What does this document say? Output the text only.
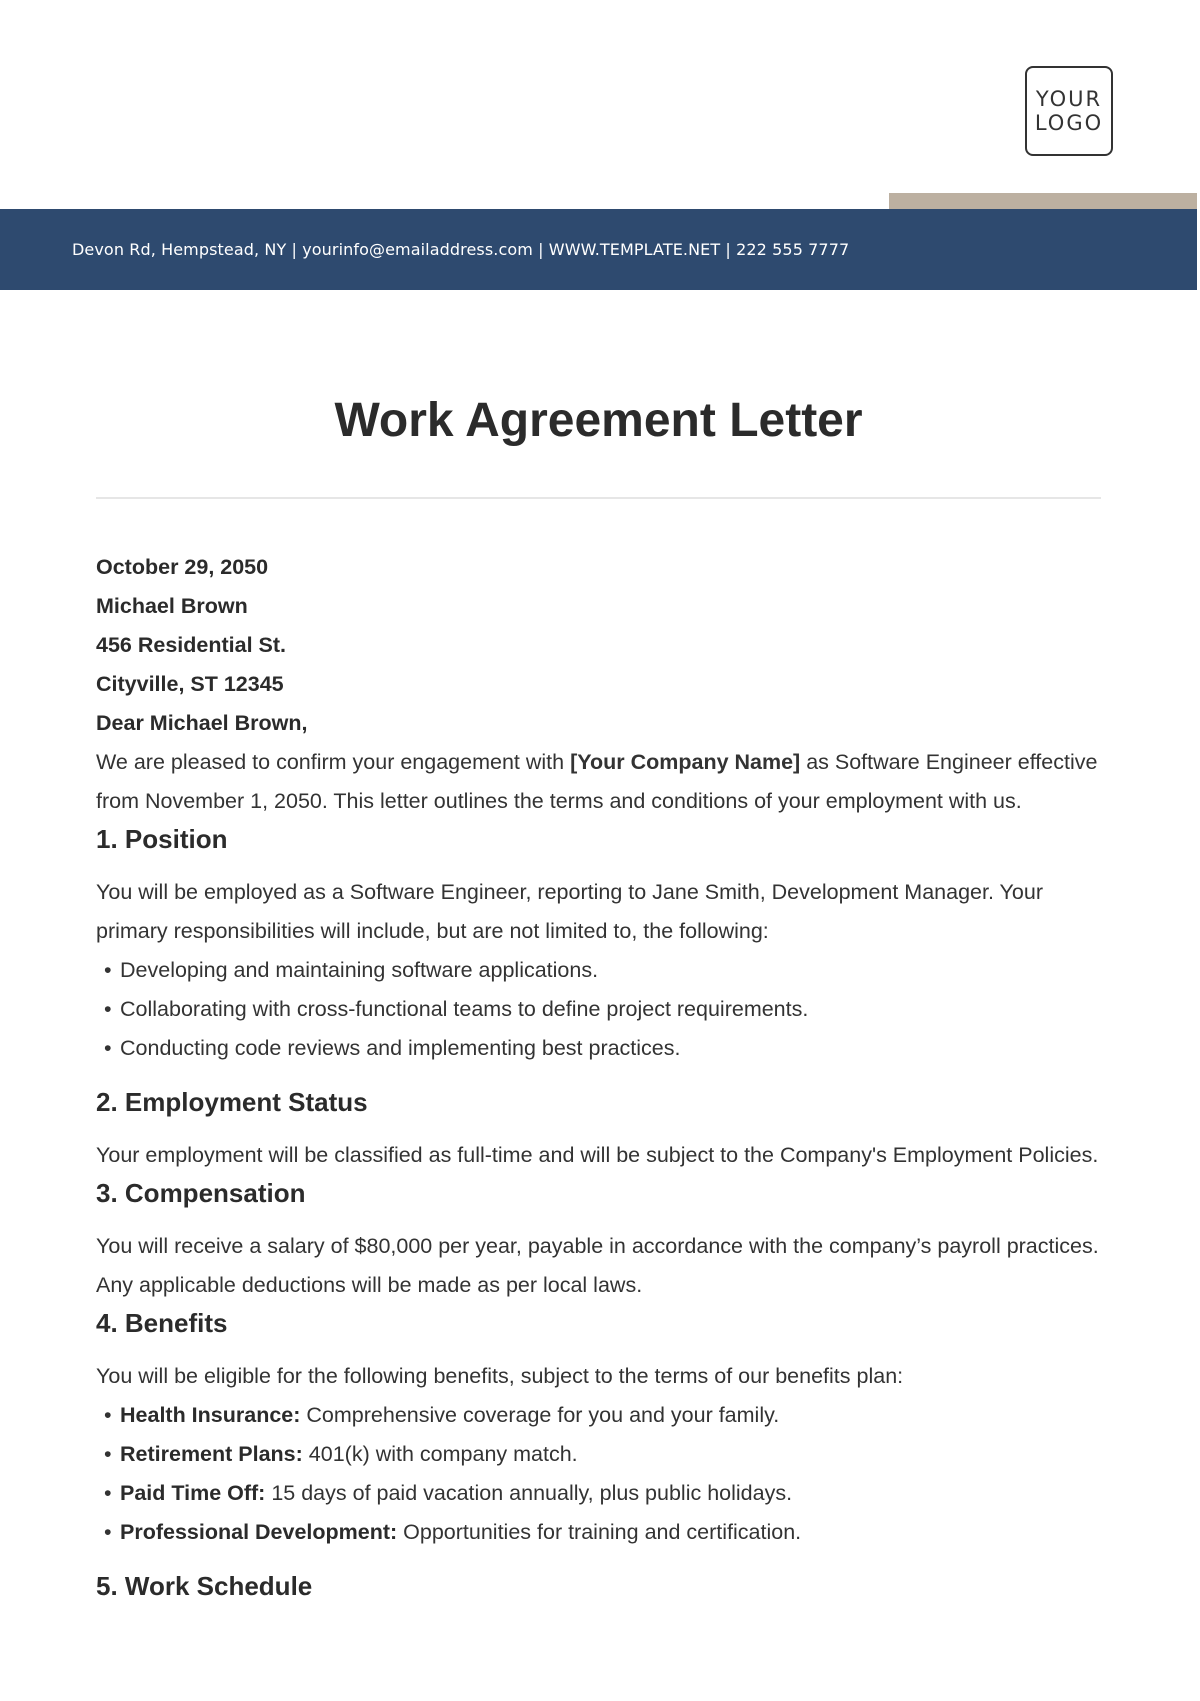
YOUR
LOGO
Devon Rd, Hempstead, NY | yourinfo@emailaddress.com | WWW.TEMPLATE.NET | 222 555 7777
Work Agreement Letter

October 29, 2050

Michael Brown

456 Residential St.

Cityville, ST 12345

Dear Michael Brown,

We are pleased to confirm your engagement with [Your Company Name] as Software Engineer effective from November 1, 2050. This letter outlines the terms and conditions of your employment with us.

1. Position

You will be employed as a Software Engineer, reporting to Jane Smith, Development Manager. Your primary responsibilities will include, but are not limited to, the following:

• Developing and maintaining software applications.
• Collaborating with cross-functional teams to define project requirements.
• Conducting code reviews and implementing best practices.
2. Employment Status

Your employment will be classified as full-time and will be subject to the Company's Employment Policies.

3. Compensation

You will receive a salary of $80,000 per year, payable in accordance with the company’s payroll practices. Any applicable deductions will be made as per local laws.

4. Benefits

You will be eligible for the following benefits, subject to the terms of our benefits plan:

• Health Insurance: Comprehensive coverage for you and your family.
• Retirement Plans: 401(k) with company match.
• Paid Time Off: 15 days of paid vacation annually, plus public holidays.
• Professional Development: Opportunities for training and certification.
5. Work Schedule
